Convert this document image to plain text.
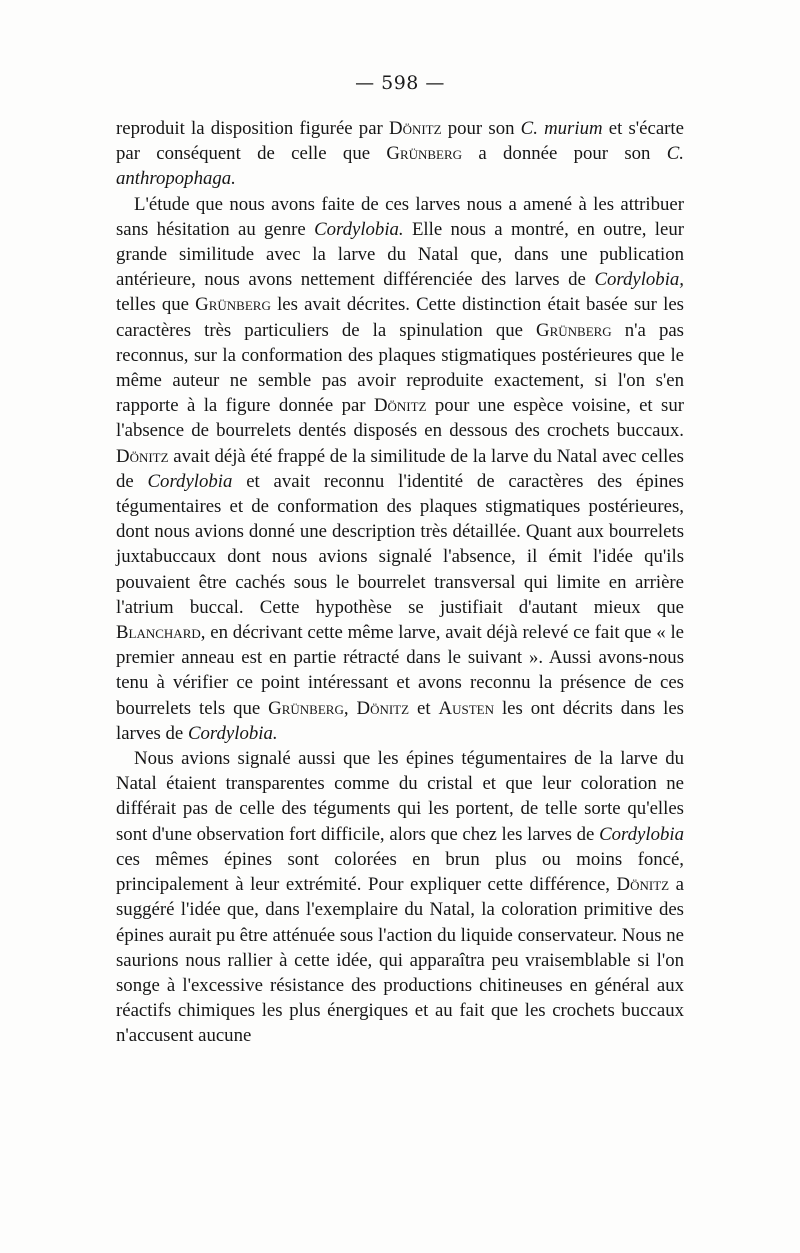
— 598 —

reproduit la disposition figurée par Dönitz pour son C. murium et s'écarte par conséquent de celle que Grünberg a donnée pour son C. anthropophaga.

L'étude que nous avons faite de ces larves nous a amené à les attribuer sans hésitation au genre Cordylobia. Elle nous a montré, en outre, leur grande similitude avec la larve du Natal que, dans une publication antérieure, nous avons nettement différenciée des larves de Cordylobia, telles que Grünberg les avait décrites. Cette distinction était basée sur les caractères très particuliers de la spinulation que Grünberg n'a pas reconnus, sur la conformation des plaques stigmatiques postérieures que le même auteur ne semble pas avoir reproduite exactement, si l'on s'en rapporte à la figure donnée par Dönitz pour une espèce voisine, et sur l'absence de bourrelets dentés disposés en dessous des crochets buccaux. Dönitz avait déjà été frappé de la similitude de la larve du Natal avec celles de Cordylobia et avait reconnu l'identité de caractères des épines tégumentaires et de conformation des plaques stigmatiques postérieures, dont nous avions donné une description très détaillée. Quant aux bourrelets juxtabuccaux dont nous avions signalé l'absence, il émit l'idée qu'ils pouvaient être cachés sous le bourrelet transversal qui limite en arrière l'atrium buccal. Cette hypothèse se justifiait d'autant mieux que Blanchard, en décrivant cette même larve, avait déjà relevé ce fait que « le premier anneau est en partie rétracté dans le suivant ». Aussi avons-nous tenu à vérifier ce point intéressant et avons reconnu la présence de ces bourrelets tels que Grünberg, Dönitz et Austen les ont décrits dans les larves de Cordylobia.

Nous avions signalé aussi que les épines tégumentaires de la larve du Natal étaient transparentes comme du cristal et que leur coloration ne différait pas de celle des téguments qui les portent, de telle sorte qu'elles sont d'une observation fort difficile, alors que chez les larves de Cordylobia ces mêmes épines sont colorées en brun plus ou moins foncé, principalement à leur extrémité. Pour expliquer cette différence, Dönitz a suggéré l'idée que, dans l'exemplaire du Natal, la coloration primitive des épines aurait pu être atténuée sous l'action du liquide conservateur. Nous ne saurions nous rallier à cette idée, qui apparaîtra peu vraisemblable si l'on songe à l'excessive résistance des productions chitineuses en général aux réactifs chimiques les plus énergiques et au fait que les crochets buccaux n'accusent aucune
